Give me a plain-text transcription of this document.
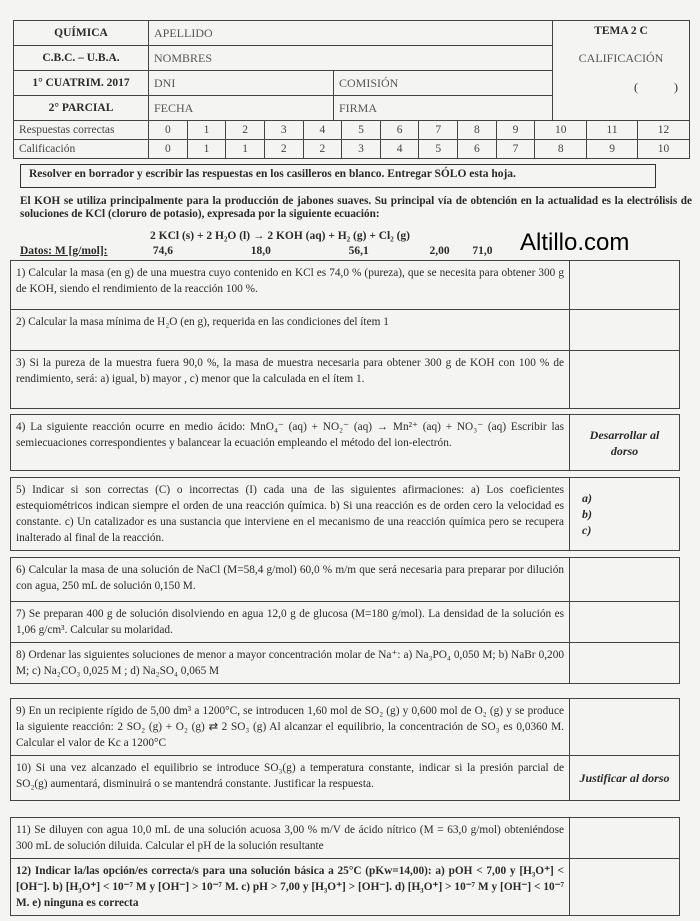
QUÍMICA	APELLIDO		TEMA 2 C
CALIFICACIÓN
(            )

C.B.C. – U.B.A.	NOMBRES		
1° CUATRIM. 2017	DNI	COMISIÓN	
2° PARCIAL	FECHA	FIRMA	
Respuestas correctas	0	1	2	3	4	5	6	7	8	9	10	11	12
Calificación	0	1	1	2	2	3	4	5	6	7	8	9	10
Resolver en borrador y escribir las respuestas en los casilleros en blanco. Entregar SÓLO esta hoja.
El KOH se utiliza principalmente para la producción de jabones suaves. Su principal vía de obtención en la actualidad es la electrólisis de soluciones de KCl (cloruro de potasio), expresada por la siguiente ecuación:
2 KCl (s) + 2 H₂O (l) → 2 KOH (aq) + H₂ (g) + Cl₂ (g)
Datos: M [g/mol]:	74,6	18,0	56,1	2,00 71,0	Altillo.com
1) Calcular la masa (en g) de una muestra cuyo contenido en KCl es 74,0 % (pureza), que se necesita para obtener 300 g de KOH, siendo el rendimiento de la reacción 100 %.	
2) Calcular la masa mínima de H₂O (en g), requerida en las condiciones del ítem 1	
3) Si la pureza de la muestra fuera 90,0 %, la masa de muestra necesaria para obtener 300 g de KOH con 100 % de rendimiento, será: a) igual, b) mayor , c) menor que la calculada en el ítem 1.	
4) La siguiente reacción ocurre en medio ácido: MnO₄⁻ (aq) + NO₂⁻ (aq) → Mn²⁺ (aq) + NO₃⁻ (aq) Escribir las semiecuaciones correspondientes y balancear la ecuación empleando el método del ion-electrón.	Desarrollar al dorso
5) Indicar si son correctas (C) o incorrectas (I) cada una de las siguientes afirmaciones: a) Los coeficientes estequiométricos indican siempre el orden de una reacción química. b) Si una reacción es de orden cero la velocidad es constante. c) Un catalizador es una sustancia que interviene en el mecanismo de una reacción química pero se recupera inalterado al final de la reacción.	
a)
b)
c)
6) Calcular la masa de una solución de NaCl (M=58,4 g/mol) 60,0 % m/m que será necesaria para preparar por dilución con agua, 250 mL de solución 0,150 M.	
7) Se preparan 400 g de solución disolviendo en agua 12,0 g de glucosa (M=180 g/mol). La densidad de la solución es 1,06 g/cm³. Calcular su molaridad.	
8) Ordenar las siguientes soluciones de menor a mayor concentración molar de Na⁺: a) Na₃PO₄ 0,050 M; b) NaBr 0,200 M; c) Na₂CO₃ 0,025 M ; d) Na₂SO₄ 0,065 M	
9) En un recipiente rígido de 5,00 dm³ a 1200°C, se introducen 1,60 mol de SO₂ (g) y 0,600 mol de O₂ (g) y se produce la siguiente reacción: 2 SO₂ (g) + O₂ (g) ⇄ 2 SO₃ (g) Al alcanzar el equilibrio, la concentración de SO₃ es 0,0360 M. Calcular el valor de Kc a 1200°C	
10) Si una vez alcanzado el equilibrio se introduce SO₃(g) a temperatura constante, indicar si la presión parcial de SO₂(g) aumentará, disminuirá o se mantendrá constante. Justificar la respuesta.	Justificar al dorso
11) Se diluyen con agua 10,0 mL de una solución acuosa 3,00 % m/V de ácido nítrico (M = 63,0 g/mol) obteniéndose 300 mL de solución diluida. Calcular el pH de la solución resultante	
12) Indicar la/las opción/es correcta/s para una solución básica a 25°C (pKw=14,00): a) pOH < 7,00 y [H₃O⁺] < [OH⁻]. b) [H₃O⁺] < 10⁻⁷ M y [OH⁻] > 10⁻⁷ M. c) pH > 7,00 y [H₃O⁺] > [OH⁻]. d) [H₃O⁺] > 10⁻⁷ M y [OH⁻] < 10⁻⁷ M. e) ninguna es correcta	
